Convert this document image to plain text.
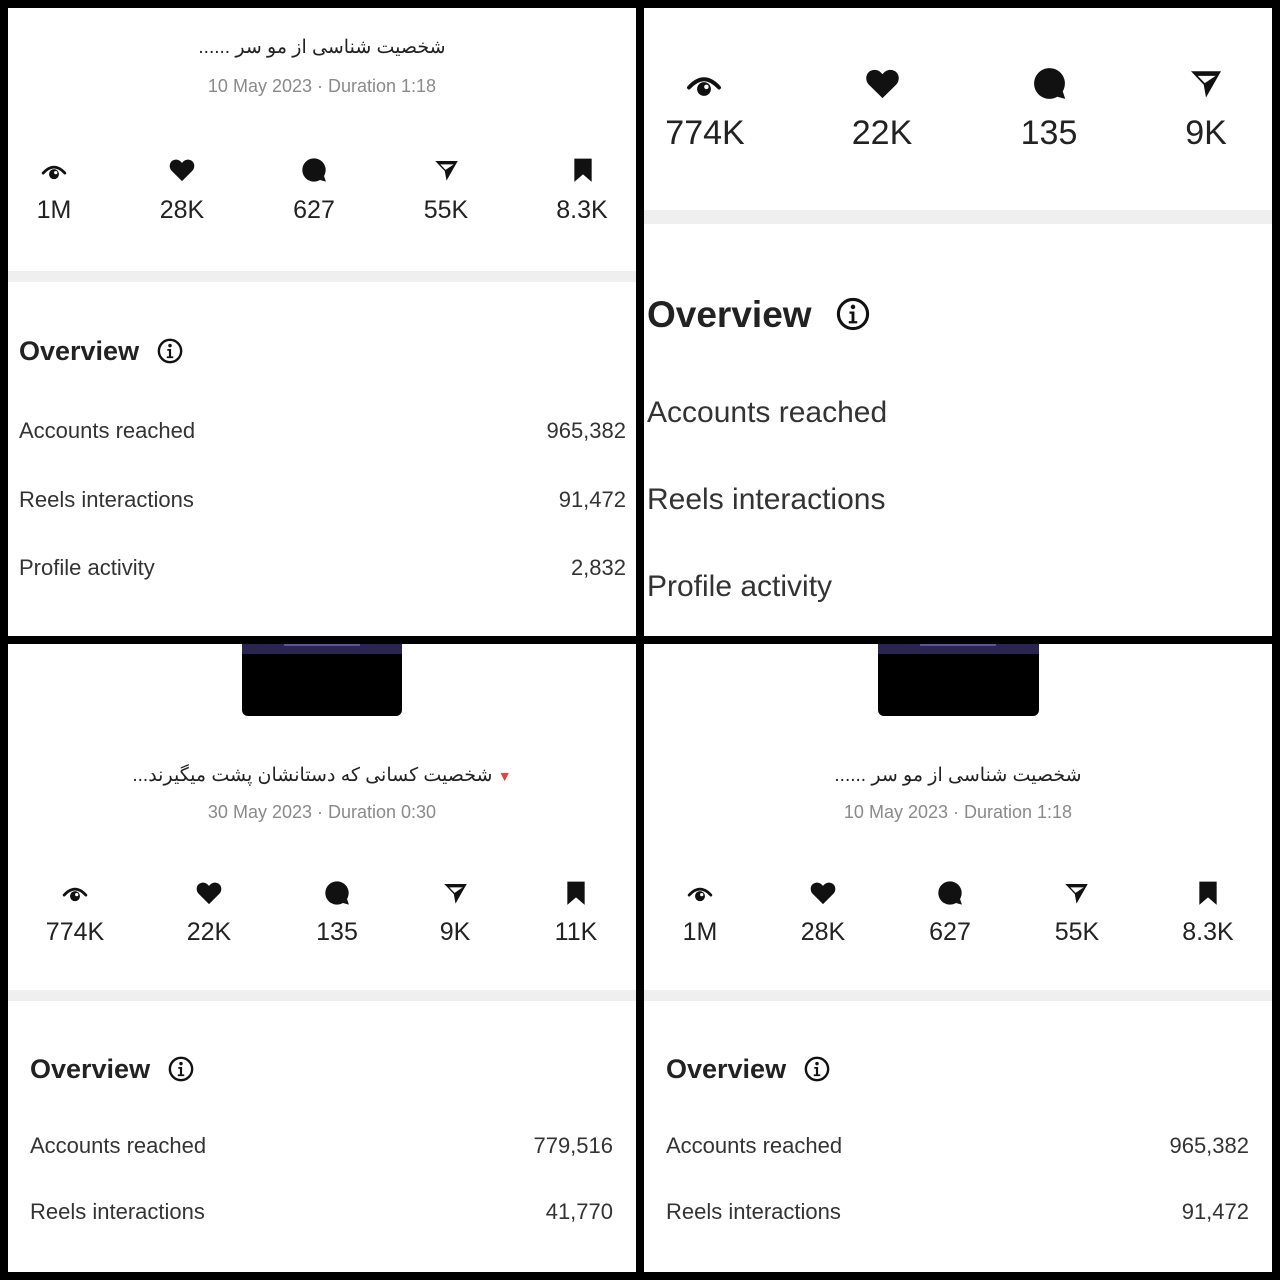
شخصیت شناسی از مو سر ......
10 May 2023 · Duration 1:18
1M	28K	627	55K	8.3K
Overview
Accounts reached	965,382
Reels interactions	91,472
Profile activity	2,832
774K	22K	135	9K
Overview
Accounts reached
Reels interactions
Profile activity
شخصیت کسانی که دستانشان پشت میگیرند... ▼
30 May 2023 · Duration 0:30
774K	22K	135	9K	11K
Overview
Accounts reached	779,516
Reels interactions	41,770
شخصیت شناسی از مو سر ......
10 May 2023 · Duration 1:18
1M	28K	627	55K	8.3K
Overview
Accounts reached	965,382
Reels interactions	91,472
